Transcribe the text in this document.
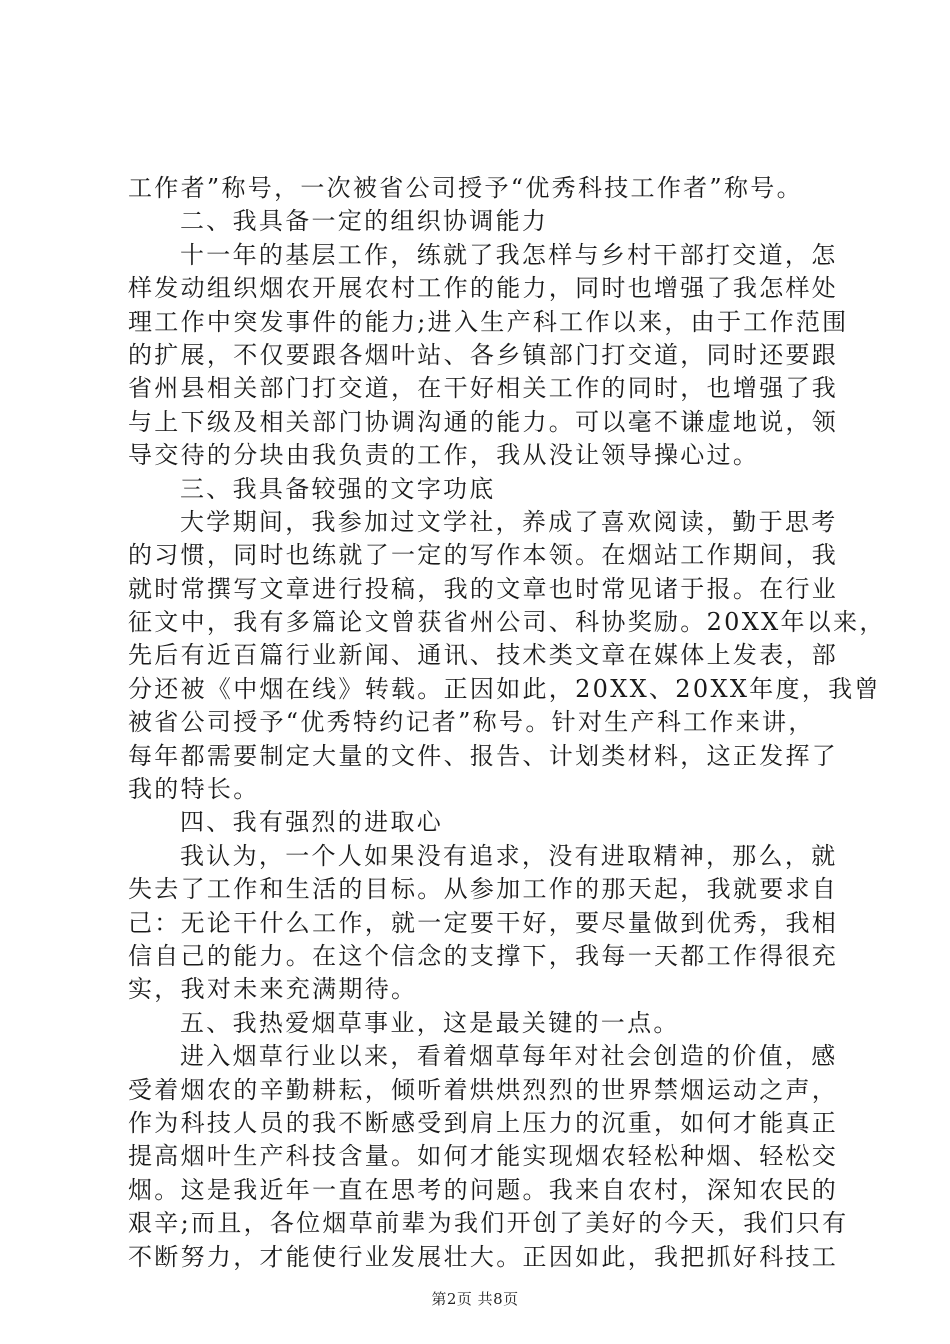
工作者”称号，一次被省公司授予“优秀科技工作者”称号。
二、我具备一定的组织协调能力
十一年的基层工作，练就了我怎样与乡村干部打交道，怎
样发动组织烟农开展农村工作的能力，同时也增强了我怎样处
理工作中突发事件的能力;进入生产科工作以来，由于工作范围
的扩展，不仅要跟各烟叶站、各乡镇部门打交道，同时还要跟
省州县相关部门打交道，在干好相关工作的同时，也增强了我
与上下级及相关部门协调沟通的能力。可以毫不谦虚地说，领
导交待的分块由我负责的工作，我从没让领导操心过。
三、我具备较强的文字功底
大学期间，我参加过文学社，养成了喜欢阅读，勤于思考
的习惯，同时也练就了一定的写作本领。在烟站工作期间，我
就时常撰写文章进行投稿，我的文章也时常见诸于报。在行业
征文中，我有多篇论文曾获省州公司、科协奖励。20XX年以来，
先后有近百篇行业新闻、通讯、技术类文章在媒体上发表，部
分还被《中烟在线》转载。正因如此，20XX、20XX年度，我曾
被省公司授予“优秀特约记者”称号。针对生产科工作来讲，
每年都需要制定大量的文件、报告、计划类材料，这正发挥了
我的特长。
四、我有强烈的进取心
我认为，一个人如果没有追求，没有进取精神，那么，就
失去了工作和生活的目标。从参加工作的那天起，我就要求自
己：无论干什么工作，就一定要干好，要尽量做到优秀，我相
信自己的能力。在这个信念的支撑下，我每一天都工作得很充
实，我对未来充满期待。
五、我热爱烟草事业，这是最关键的一点。
进入烟草行业以来，看着烟草每年对社会创造的价值，感
受着烟农的辛勤耕耘，倾听着烘烘烈烈的世界禁烟运动之声，
作为科技人员的我不断感受到肩上压力的沉重，如何才能真正
提高烟叶生产科技含量。如何才能实现烟农轻松种烟、轻松交
烟。这是我近年一直在思考的问题。我来自农村，深知农民的
艰辛;而且，各位烟草前辈为我们开创了美好的今天，我们只有
不断努力，才能使行业发展壮大。正因如此，我把抓好科技工
第2页 共8页
